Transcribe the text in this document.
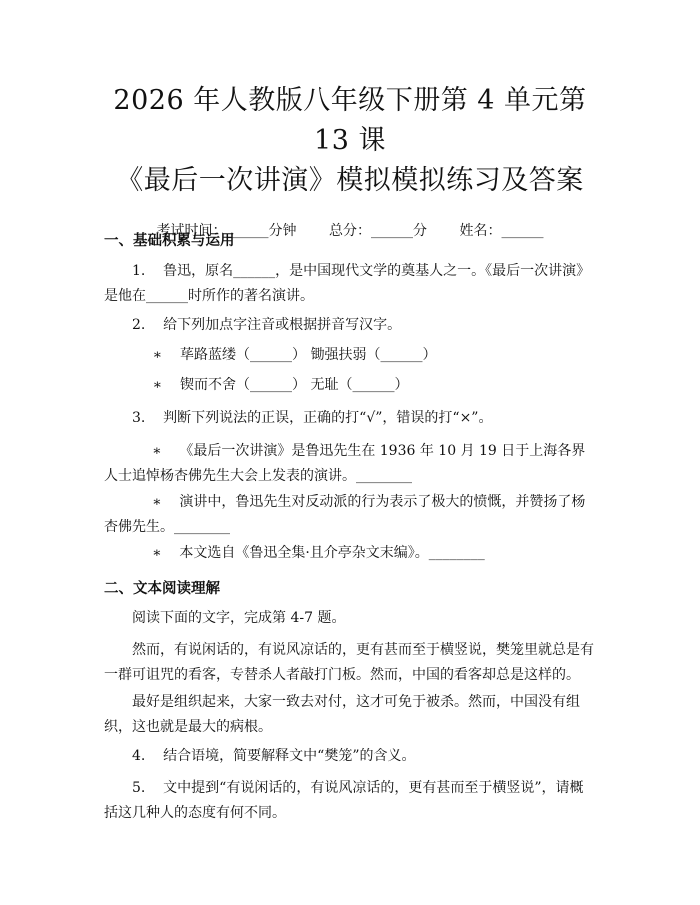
2026 年人教版八年级下册第 4 单元第 13 课
《最后一次讲演》模拟模拟练习及答案
考试时间：______分钟 总分：______分 姓名：______
一、基础积累与运用

1. 鲁迅，原名______，是中国现代文学的奠基人之一。《最后一次讲演》是他在______时所作的著名演讲。

2. 给下列加点字注音或根据拼音写汉字。

∗ 荜路蓝缕（______） 锄强扶弱（______）

∗ 锲而不舍（______） 无耻（______）

3. 判断下列说法的正误，正确的打“√”，错误的打“×”。

∗ 《最后一次讲演》是鲁迅先生在 1936 年 10 月 19 日于上海各界人士追悼杨杏佛先生大会上发表的演讲。________

∗ 演讲中，鲁迅先生对反动派的行为表示了极大的愤慨，并赞扬了杨杏佛先生。________

∗ 本文选自《鲁迅全集·且介亭杂文末编》。________

二、文本阅读理解

阅读下面的文字，完成第 4-7 题。

然而，有说闲话的，有说风凉话的，更有甚而至于横竖说，樊笼里就总是有一群可诅咒的看客，专替杀人者敲打门板。然而，中国的看客却总是这样的。

最好是组织起来，大家一致去对付，这才可免于被杀。然而，中国没有组织，这也就是最大的病根。

4. 结合语境，简要解释文中“樊笼”的含义。

5. 文中提到“有说闲话的，有说风凉话的，更有甚而至于横竖说”，请概括这几种人的态度有何不同。
